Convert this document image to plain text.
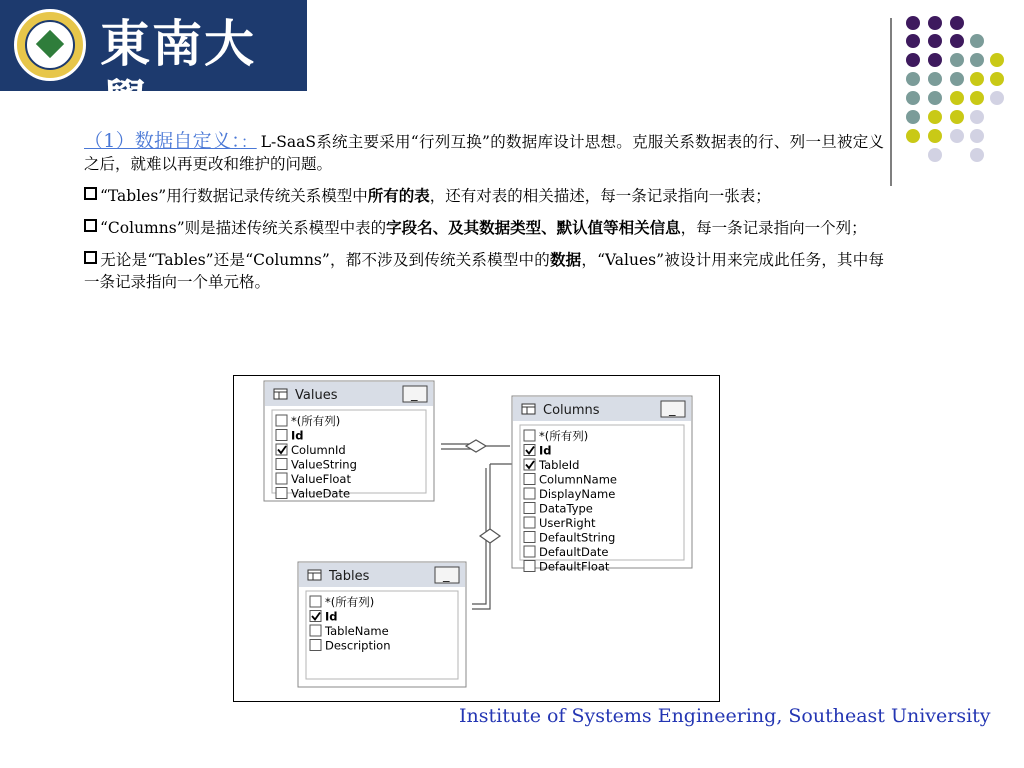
東南大學

（1）数据自定义：： L-SaaS系统主要采用“行列互换”的数据库设计思想。克服关系数据表的行、列一旦被定义之后，就难以再更改和维护的问题。

“Tables”用行数据记录传统关系模型中所有的表，还有对表的相关描述，每一条记录指向一张表；

“Columns”则是描述传统关系模型中表的字段名、及其数据类型、默认值等相关信息，每一条记录指向一个列；

无论是“Tables”还是“Columns”，都不涉及到传统关系模型中的数据，“Values”被设计用来完成此任务，其中每一条记录指向一个单元格。

Values	_
*(所有列)
Id
ColumnId
ValueString
ValueFloat
ValueDate
Columns	_
*(所有列)
Id
TableId
ColumnName
DisplayName
DataType
UserRight
DefaultString
DefaultDate
DefaultFloat
Tables	_
*(所有列)
Id
TableName
Description
Institute of Systems Engineering, Southeast University
